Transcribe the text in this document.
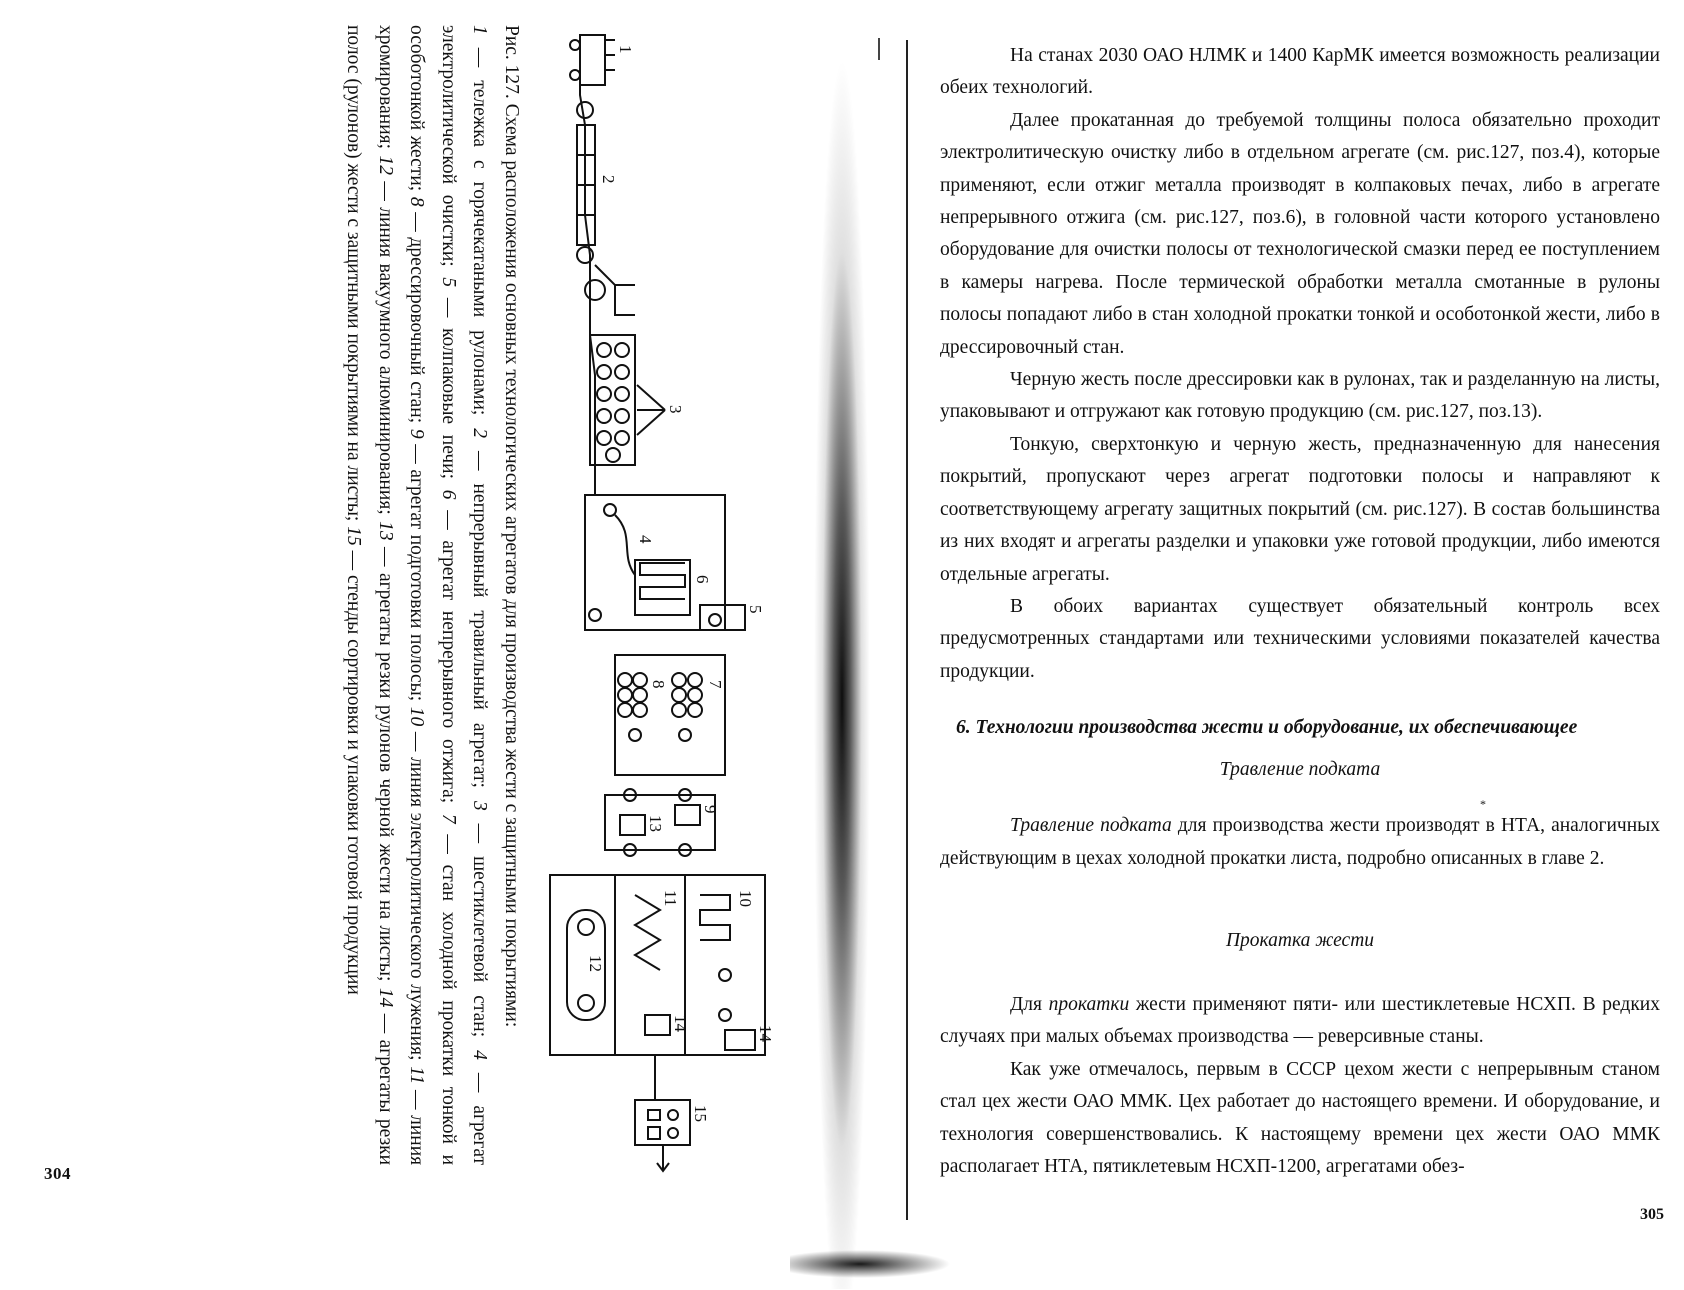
1
2
3
4
5
6
7
8
9
10
11
12
13
14
14
15
Рис. 127. Схема расположения основных технологических агрегатов для производства жести с защитными покрытиями:
1 — тележка с горячекатаными рулонами; 2 — непрерывный травильный агрегат; 3 — шестиклетевой стан; 4 — агрегат электролитической очистки; 5 — колпаковые печи; 6 — агрегат непрерывного отжига; 7 — стан холодной прокатки тонкой и особотонкой жести; 8 — дрессировочный стан; 9 — агрегат подготовки полосы; 10 — линия электролитического лужения; 11 — линия хромирования; 12 — линия вакуумного алюминирования; 13 — агрегаты резки рулонов черной жести на листы; 14 — агрегаты резки полос (рулонов) жести с защитными покрытиями на листы; 15 — стенды сортировки и упаковки готовой продукции
304

На станах 2030 ОАО НЛМК и 1400 КарМК имеется возможность реализации обеих технологий.

Далее прокатанная до требуемой толщины полоса обязательно проходит электролитическую очистку либо в отдельном агрегате (см. рис.127, поз.4), которые применяют, если отжиг металла производят в колпаковых печах, либо в агрегате непрерывного отжига (см. рис.127, поз.6), в головной части которого установлено оборудование для очистки полосы от технологической смазки перед ее поступлением в камеры нагрева. После термической обработки металла смотанные в рулоны полосы попадают либо в стан холодной прокатки тонкой и особотонкой жести, либо в дрессировочный стан.

Черную жесть после дрессировки как в рулонах, так и разделанную на листы, упаковывают и отгружают как готовую продукцию (см. рис.127, поз.13).

Тонкую, сверхтонкую и черную жесть, предназначенную для нанесения покрытий, пропускают через агрегат подготовки полосы и направляют к соответствующему агрегату защитных покрытий (см. рис.127). В состав большинства из них входят и агрегаты разделки и упаковки уже готовой продукции, либо имеются отдельные агрегаты.

В обоих вариантах существует обязательный контроль всех предусмотренных стандартами или техническими условиями показателей качества продукции.

6. Технологии производства жести и оборудование, их обеспечивающее
Травление подката
*

Травление подката для производства жести производят в НТА, аналогичных действующим в цехах холодной прокатки листа, подробно описанных в главе 2.

Прокатка жести

Для прокатки жести применяют пяти- или шестиклетевые НСХП. В редких случаях при малых объемах производства — реверсивные станы.

Как уже отмечалось, первым в СССР цехом жести с непрерывным станом стал цех жести ОАО ММК. Цех работает до настоящего времени. И оборудование, и технология совершенствовались. К настоящему времени цех жести ОАО ММК располагает НТА, пятиклетевым НСХП-1200, агрегатами обез-

305
